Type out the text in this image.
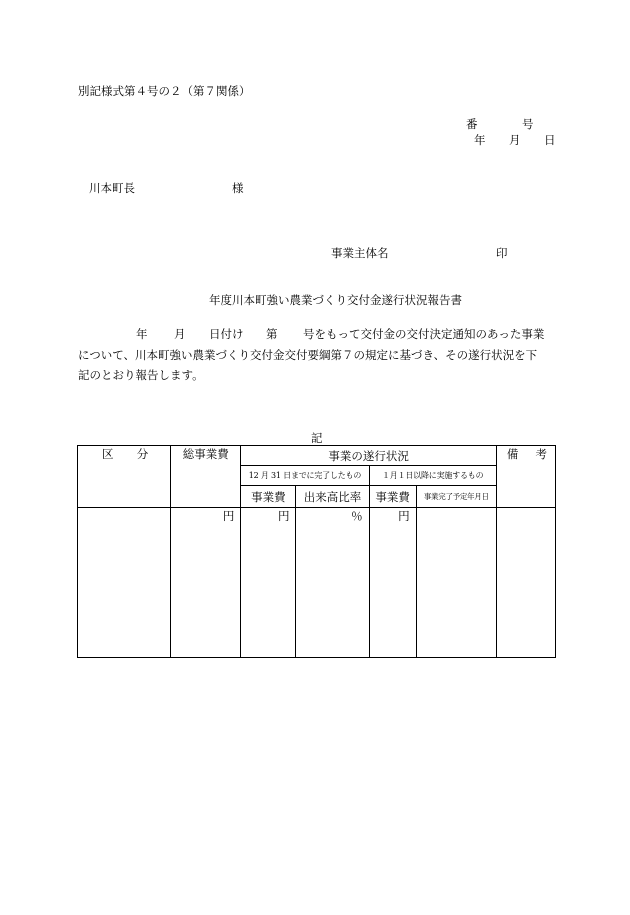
別記様式第４号の２（第７関係）
番	号
年 月 日
川本町長	様
事業主体名	印
年度川本町強い農業づくり交付金遂行状況報告書
年 月 日付け 第 号をもって交付金の交付決定通知のあった事業
について、川本町強い農業づくり交付金交付要綱第７の規定に基づき、その遂行状況を下
記のとおり報告します。
記
区 分	総事業費	事業の遂行状況				備 考

		12 月 31 日までに完了したもの		１月１日以降に実施するもの		
		事業費	出来高比率	事業費	事業完了予定年月日	
	円	円	％	円		
